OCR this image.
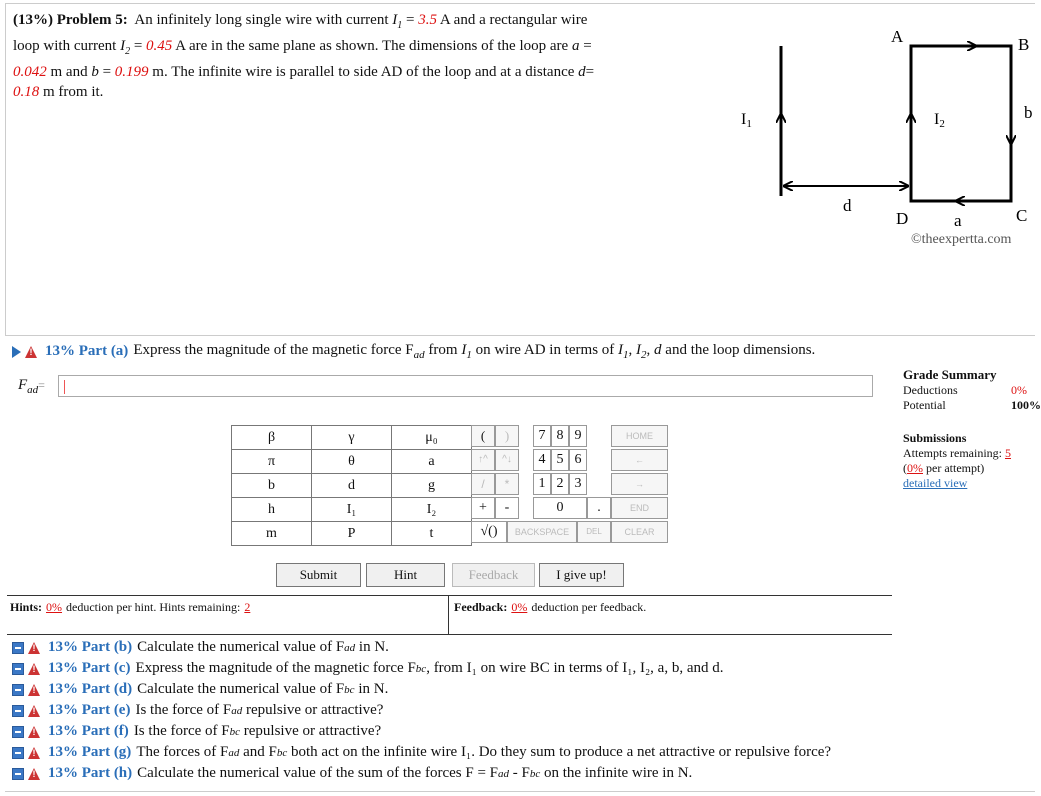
(13%) Problem 5: An infinitely long single wire with current $I_1 = 3.5$ A and a rectangular wire
loop with current $I_2 = 0.45$ A are in the same plane as shown. The dimensions of the loop are a =
0.042 m and b = 0.199 m. The infinite wire is parallel to side AD of the loop and at a distance d=
0.18 m from it.
I1	I2
A	B
C
D
d
a
b
©theexpertta.com
!
13% Part (a) Express the magnitude of the magnetic force $F_{ad}$ from $I_1$ on wire AD in terms of $I_1$, $I_2$, d and the loop dimensions.
$F_{ad}=$
β	γ	μ₀
π	θ	a
b	d	g
h	I₁	I₂
m	P	t
(	)	7 8 9	HOME
↑^	^↓	4 5 6	←
/	*	1 2 3	→
+	-	0	.	END
√()	BACKSPACE	DEL	CLEAR
Submit	Hint	Feedback	I give up!
Hints: 0% deduction per hint. Hints remaining: 2	Feedback: 0% deduction per feedback.
Grade Summary
Deductions	0%
Potential	100%
Submissions
Attempts remaining: 5
(0% per attempt)
detailed view
!
13% Part (b) Calculate the numerical value of F ad
in N.
!
13% Part (c) Express the magnitude of the magnetic force F bc , from I₁ on wire BC in terms of I₁, I₂, a, b, and d.
!
13% Part (d) Calculate the numerical value of F bc
in N.
!
13% Part (e) Is the force of F ad
repulsive or attractive?
!
13% Part (f) Is the force of F bc
repulsive or attractive?
!
13% Part (g) The forces of F ad
and F bc
both act on the infinite wire I₁. Do they sum to produce a net attractive or repulsive force?
!
13% Part (h) Calculate the numerical value of the sum of the forces F = F ad
- F bc
on the infinite wire in N.
